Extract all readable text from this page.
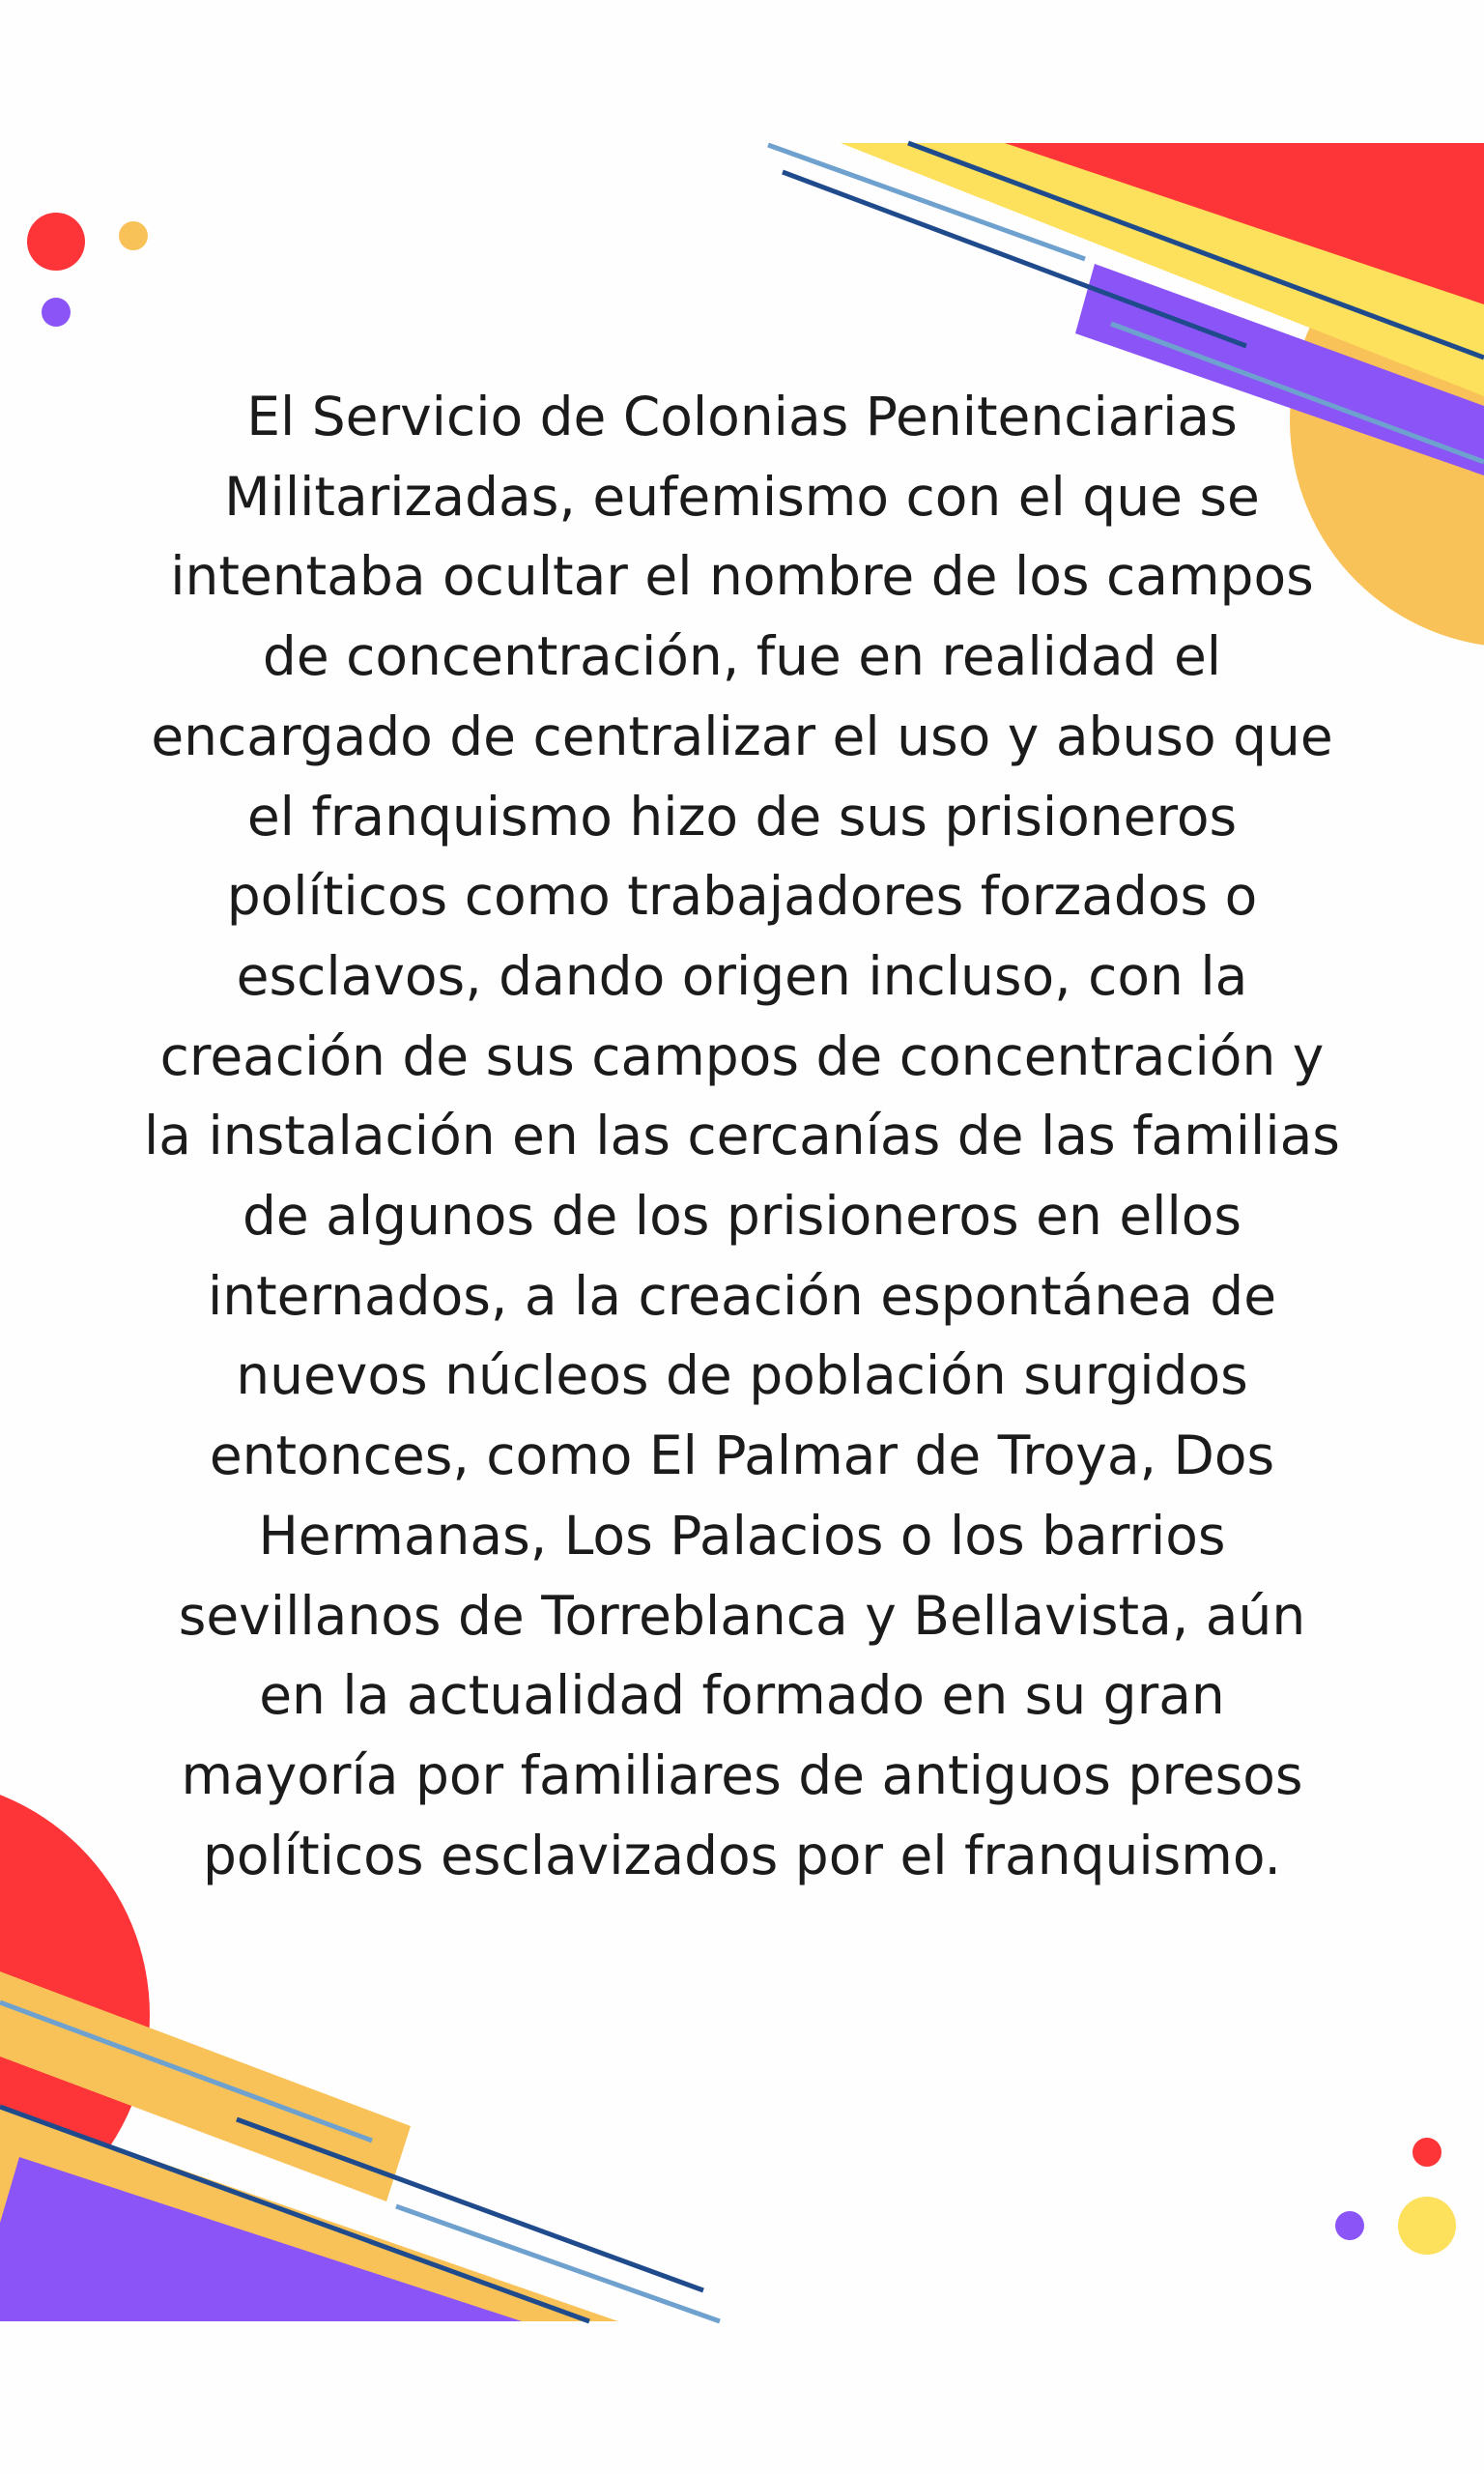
El Servicio de Colonias Penitenciarias
Militarizadas, eufemismo con el que se
intentaba ocultar el nombre de los campos
de concentración, fue en realidad el
encargado de centralizar el uso y abuso que
el franquismo hizo de sus prisioneros
políticos como trabajadores forzados o
esclavos, dando origen incluso, con la
creación de sus campos de concentración y
la instalación en las cercanías de las familias
de algunos de los prisioneros en ellos
internados, a la creación espontánea de
nuevos núcleos de población surgidos
entonces, como El Palmar de Troya, Dos
Hermanas, Los Palacios o los barrios
sevillanos de Torreblanca y Bellavista, aún
en la actualidad formado en su gran
mayoría por familiares de antiguos presos
políticos esclavizados por el franquismo.
